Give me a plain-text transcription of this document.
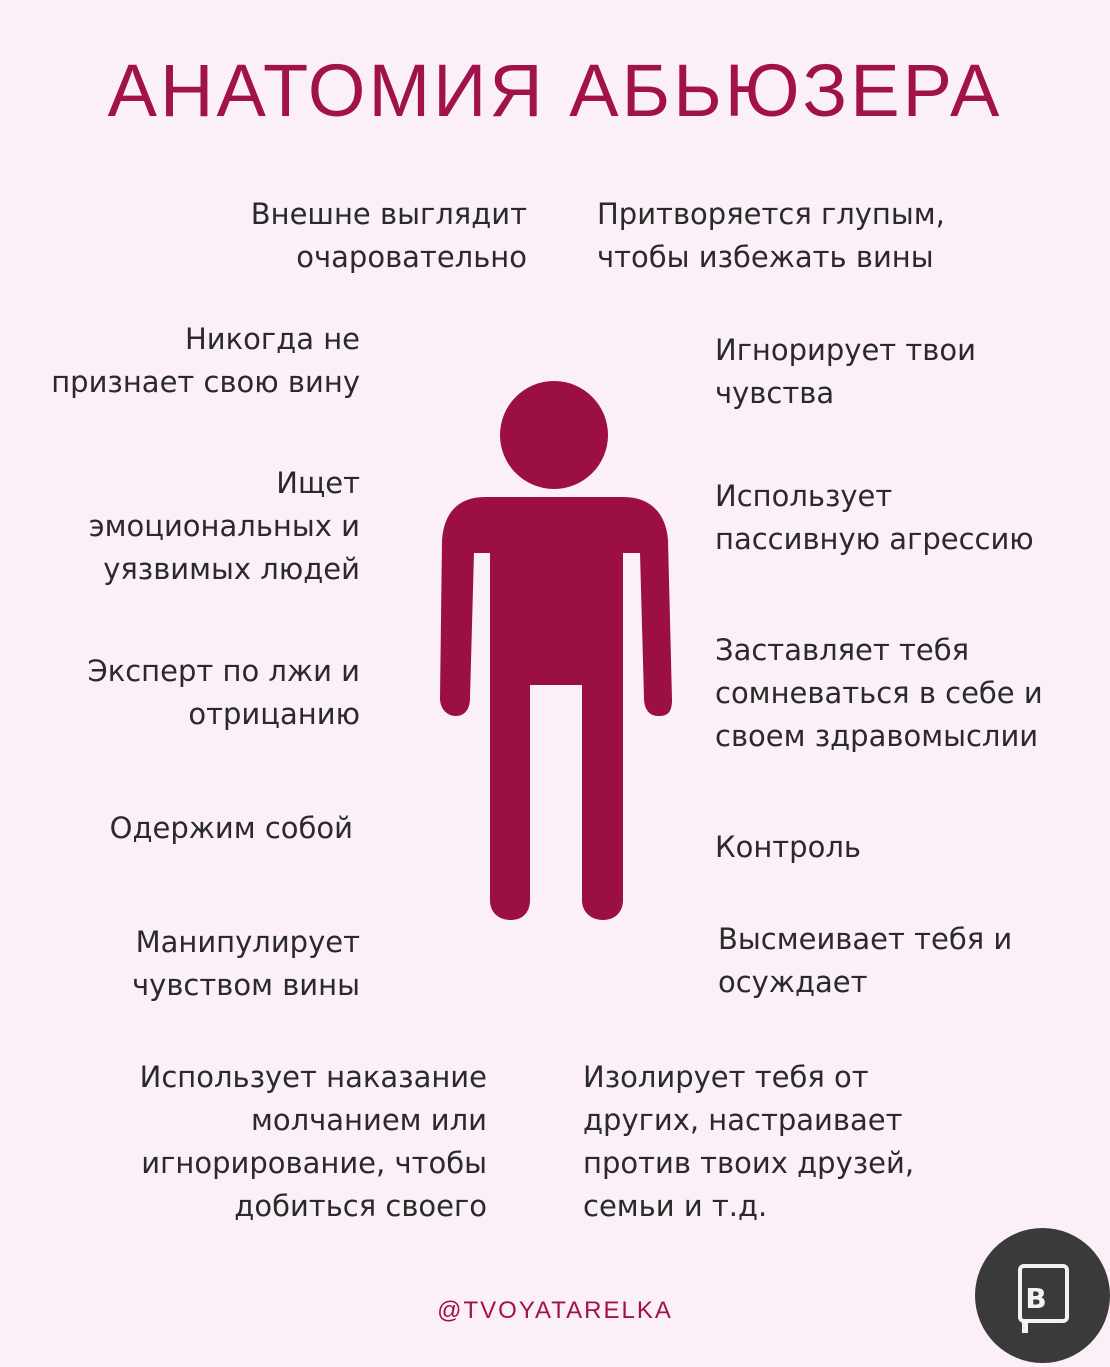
АНАТОМИЯ АБЬЮЗЕРА
Внешне выглядит
очаровательно
Притворяется глупым,
чтобы избежать вины
Никогда не
признает свою вину
Игнорирует твои
чувства
Ищет
эмоциональных и
уязвимых людей
Использует
пассивную агрессию
Эксперт по лжи и
отрицанию
Заставляет тебя
сомневаться в себе и
своем здравомыслии
Одержим собой
Контроль
Манипулирует
чувством вины
Высмеивает тебя и
осуждает
Использует наказание
молчанием или
игнорирование, чтобы
добиться своего
Изолирует тебя от
других, настраивает
против твоих друзей,
семьи и т.д.
@TVOYATARELKA	B
